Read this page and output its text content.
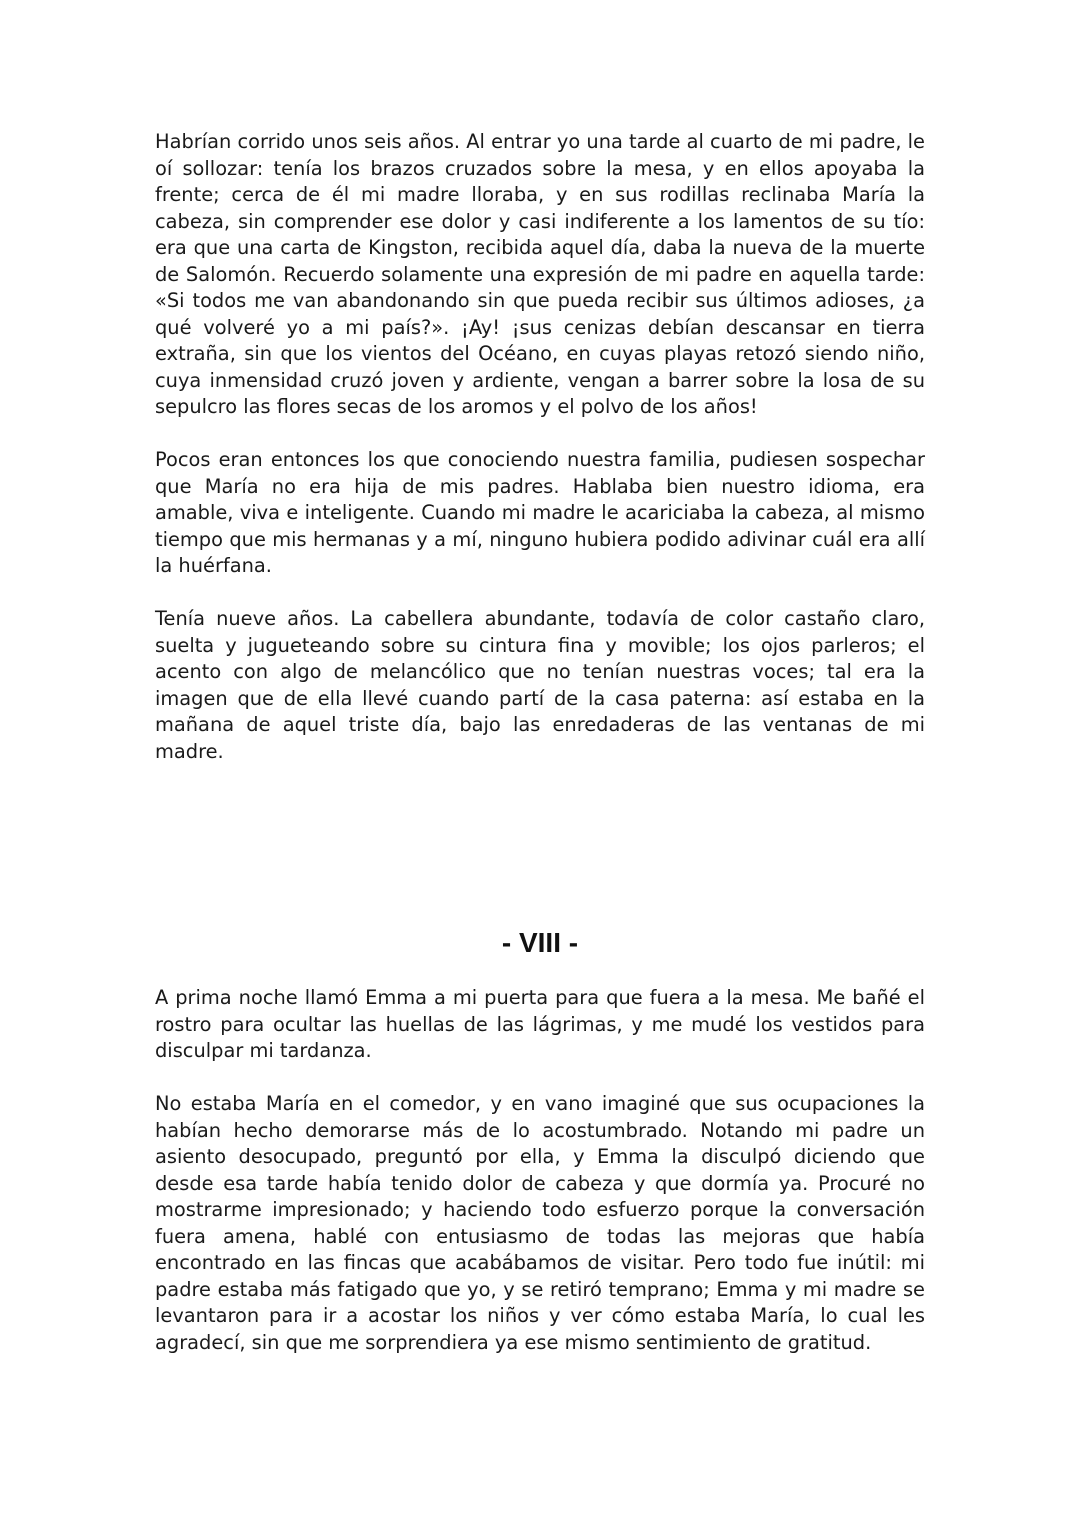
Habrían corrido unos seis años. Al entrar yo una tarde al cuarto de mi padre, le oí sollozar: tenía los brazos cruzados sobre la mesa, y en ellos apoyaba la frente; cerca de él mi madre lloraba, y en sus rodillas reclinaba María la cabeza, sin comprender ese dolor y casi indiferente a los lamentos de su tío: era que una carta de Kingston, recibida aquel día, daba la nueva de la muerte de Salomón. Recuerdo solamente una expresión de mi padre en aquella tarde: «Si todos me van abandonando sin que pueda recibir sus últimos adioses, ¿a qué volveré yo a mi país?». ¡Ay! ¡sus cenizas debían descansar en tierra extraña, sin que los vientos del Océano, en cuyas playas retozó siendo niño, cuya inmensidad cruzó joven y ardiente, vengan a barrer sobre la losa de su sepulcro las flores secas de los aromos y el polvo de los años!

Pocos eran entonces los que conociendo nuestra familia, pudiesen sospechar que María no era hija de mis padres. Hablaba bien nuestro idioma, era amable, viva e inteligente. Cuando mi madre le acariciaba la cabeza, al mismo tiempo que mis hermanas y a mí, ninguno hubiera podido adivinar cuál era allí la huérfana.

Tenía nueve años. La cabellera abundante, todavía de color castaño claro, suelta y jugueteando sobre su cintura fina y movible; los ojos parleros; el acento con algo de melancólico que no tenían nuestras voces; tal era la imagen que de ella llevé cuando partí de la casa paterna: así estaba en la mañana de aquel triste día, bajo las enredaderas de las ventanas de mi madre.

- VIII -

A prima noche llamó Emma a mi puerta para que fuera a la mesa. Me bañé el rostro para ocultar las huellas de las lágrimas, y me mudé los vestidos para disculpar mi tardanza.

No estaba María en el comedor, y en vano imaginé que sus ocupaciones la habían hecho demorarse más de lo acostumbrado. Notando mi padre un asiento desocupado, preguntó por ella, y Emma la disculpó diciendo que desde esa tarde había tenido dolor de cabeza y que dormía ya. Procuré no mostrarme impresionado; y haciendo todo esfuerzo porque la conversación fuera amena, hablé con entusiasmo de todas las mejoras que había encontrado en las fincas que acabábamos de visitar. Pero todo fue inútil: mi padre estaba más fatigado que yo, y se retiró temprano; Emma y mi madre se levantaron para ir a acostar los niños y ver cómo estaba María, lo cual les agradecí, sin que me sorprendiera ya ese mismo sentimiento de gratitud.
